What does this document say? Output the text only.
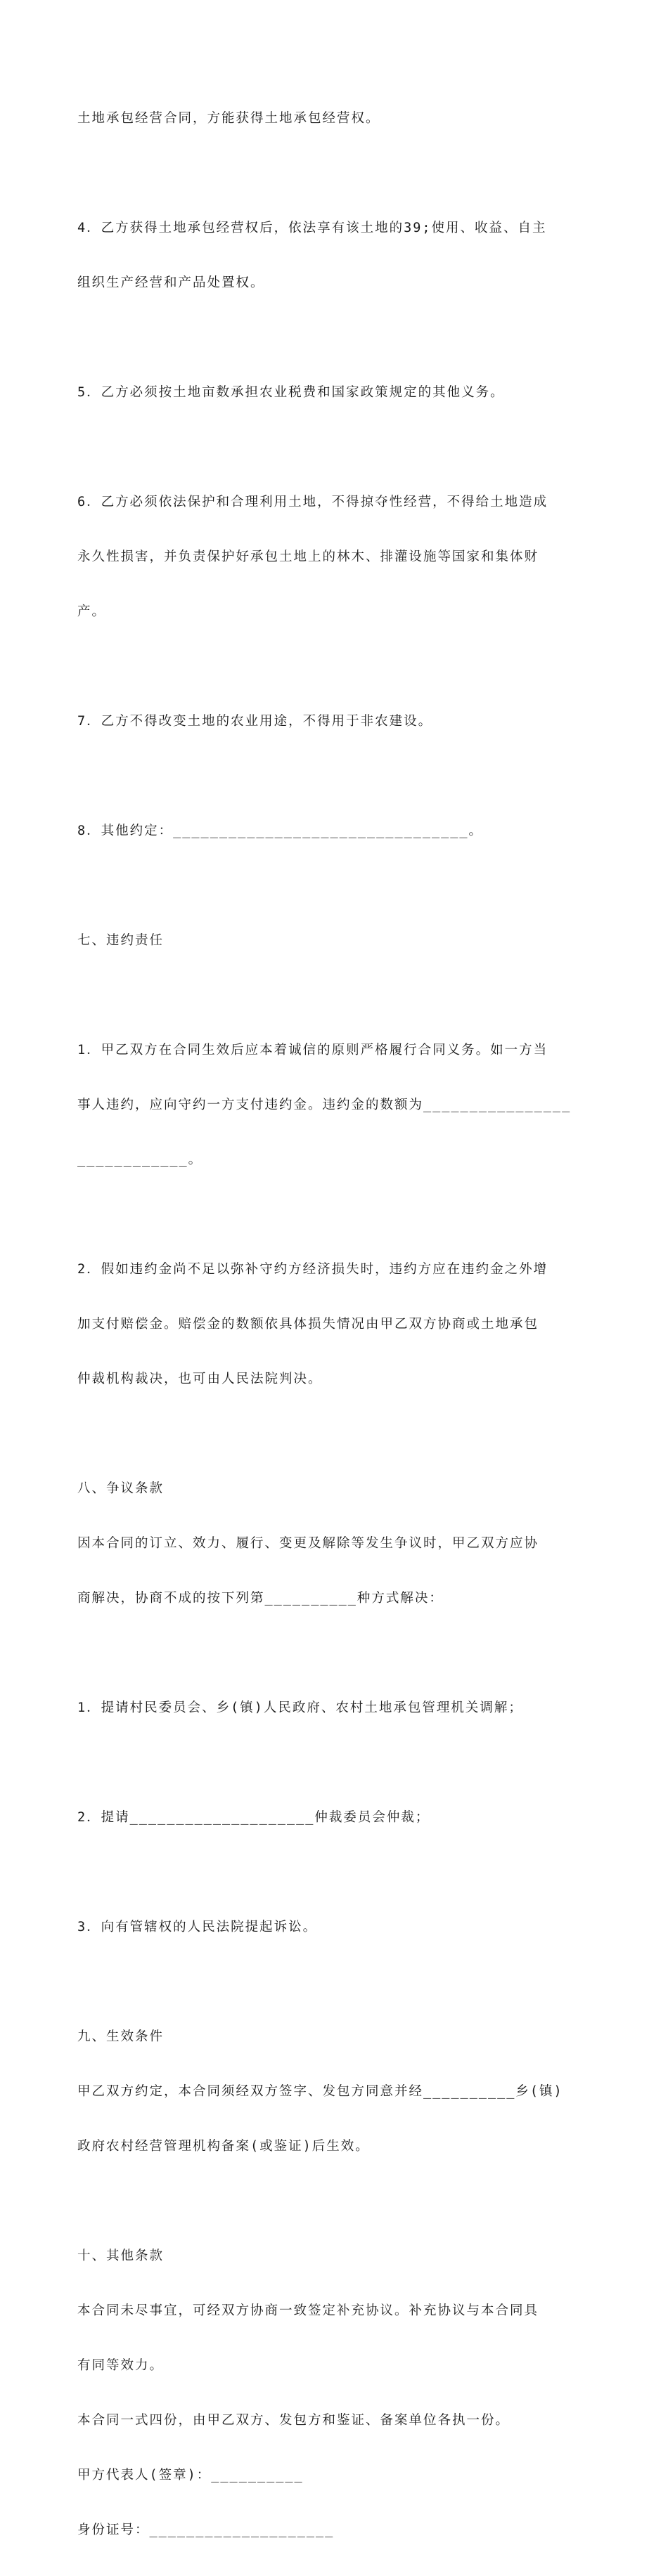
土地承包经营合同，方能获得土地承包经营权。

4．乙方获得土地承包经营权后，依法享有该土地的39;使用、收益、自主

组织生产经营和产品处置权。

5．乙方必须按土地亩数承担农业税费和国家政策规定的其他义务。

6．乙方必须依法保护和合理利用土地，不得掠夺性经营，不得给土地造成

永久性损害，并负责保护好承包土地上的林木、排灌设施等国家和集体财

产。

7．乙方不得改变土地的农业用途，不得用于非农建设。

8．其他约定：________________________________。

七、违约责任

1．甲乙双方在合同生效后应本着诚信的原则严格履行合同义务。如一方当

事人违约，应向守约一方支付违约金。违约金的数额为________________

____________。

2．假如违约金尚不足以弥补守约方经济损失时，违约方应在违约金之外增

加支付赔偿金。赔偿金的数额依具体损失情况由甲乙双方协商或土地承包

仲裁机构裁决，也可由人民法院判决。

八、争议条款

因本合同的订立、效力、履行、变更及解除等发生争议时，甲乙双方应协

商解决，协商不成的按下列第__________种方式解决：

1．提请村民委员会、乡(镇)人民政府、农村土地承包管理机关调解；

2．提请____________________仲裁委员会仲裁；

3．向有管辖权的人民法院提起诉讼。

九、生效条件

甲乙双方约定，本合同须经双方签字、发包方同意并经__________乡(镇)

政府农村经营管理机构备案(或鉴证)后生效。

十、其他条款

本合同未尽事宜，可经双方协商一致签定补充协议。补充协议与本合同具

有同等效力。

本合同一式四份，由甲乙双方、发包方和鉴证、备案单位各执一份。

甲方代表人(签章)：__________

身份证号：____________________
